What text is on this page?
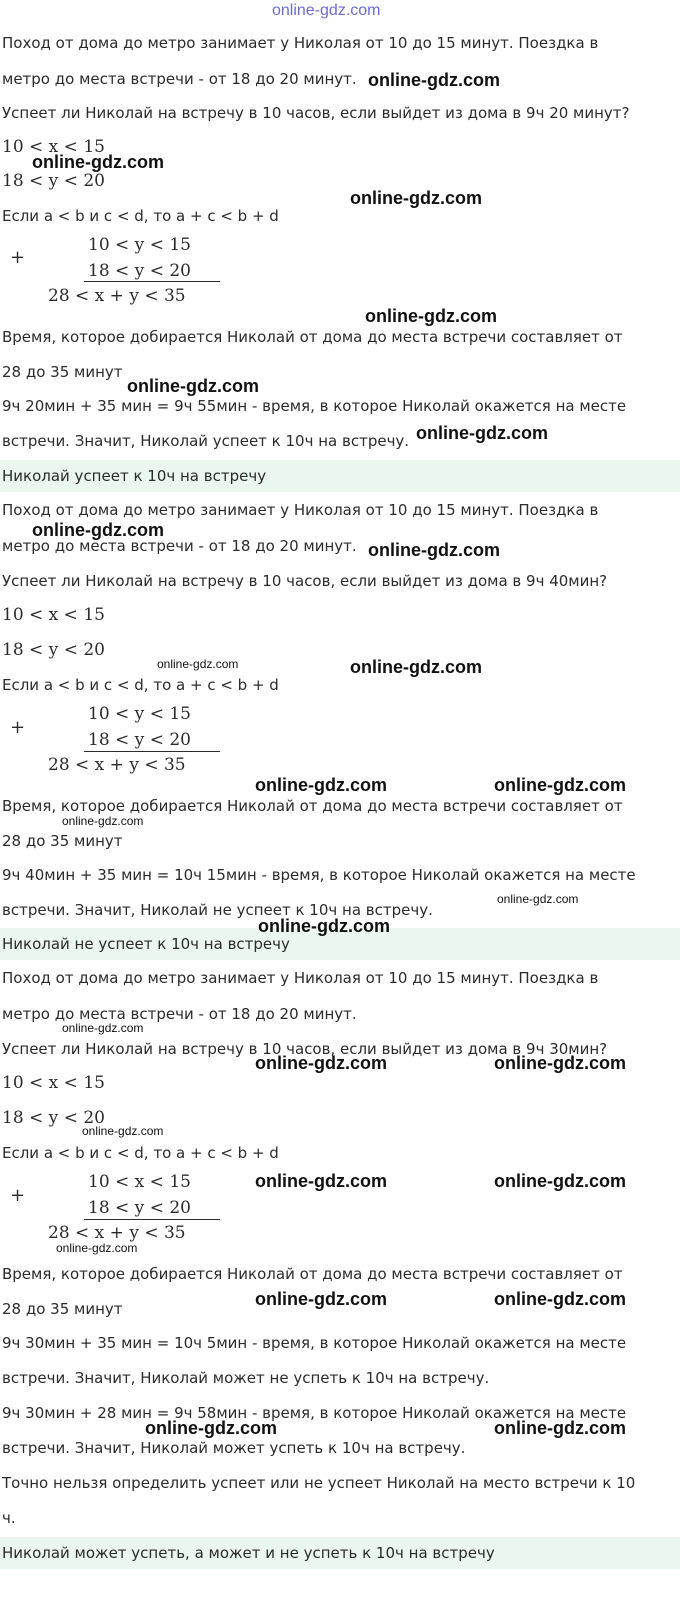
online-gdz.com
Поход от дома до метро занимает у Николая от 10 до 15 минут. Поездка в
метро до места встречи - от 18 до 20 минут.
Успеет ли Николай на встречу в 10 часов, если выйдет из дома в 9ч 20 минут?
10 < x < 15
18 < y < 20
Если a < b и c < d, то a + c < b + d
+
10 < y < 15
18 < y < 20
28 < x + y < 35
Время, которое добирается Николай от дома до места встречи составляет от
28 до 35 минут
9ч 20мин + 35 мин = 9ч 55мин - время, в которое Николай окажется на месте
встречи. Значит, Николай успеет к 10ч на встречу.
Николай успеет к 10ч на встречу
Поход от дома до метро занимает у Николая от 10 до 15 минут. Поездка в
метро до места встречи - от 18 до 20 минут.
Успеет ли Николай на встречу в 10 часов, если выйдет из дома в 9ч 40мин?
10 < x < 15
18 < y < 20
Если a < b и c < d, то a + c < b + d
+
10 < y < 15
18 < y < 20
28 < x + y < 35
Время, которое добирается Николай от дома до места встречи составляет от
28 до 35 минут
9ч 40мин + 35 мин = 10ч 15мин - время, в которое Николай окажется на месте
встречи. Значит, Николай не успеет к 10ч на встречу.
Николай не успеет к 10ч на встречу
Поход от дома до метро занимает у Николая от 10 до 15 минут. Поездка в
метро до места встречи - от 18 до 20 минут.
Успеет ли Николай на встречу в 10 часов, если выйдет из дома в 9ч 30мин?
10 < x < 15
18 < y < 20
Если a < b и c < d, то a + c < b + d
+
10 < x < 15
18 < y < 20
28 < x + y < 35
Время, которое добирается Николай от дома до места встречи составляет от
28 до 35 минут
9ч 30мин + 35 мин = 10ч 5мин - время, в которое Николай окажется на месте
встречи. Значит, Николай может не успеть к 10ч на встречу.
9ч 30мин + 28 мин = 9ч 58мин - время, в которое Николай окажется на месте
встречи. Значит, Николай может успеть к 10ч на встречу.
Точно нельзя определить успеет или не успеет Николай на место встречи к 10
ч.
Николай может успеть, а может и не успеть к 10ч на встречу
online-gdz.com
online-gdz.com
online-gdz.com
online-gdz.com
online-gdz.com
online-gdz.com
online-gdz.com
online-gdz.com
online-gdz.com	online-gdz.com
online-gdz.com	online-gdz.com
online-gdz.com
online-gdz.com
online-gdz.com
online-gdz.com
online-gdz.com	online-gdz.com
online-gdz.com
online-gdz.com	online-gdz.com
online-gdz.com
online-gdz.com	online-gdz.com
online-gdz.com	online-gdz.com
